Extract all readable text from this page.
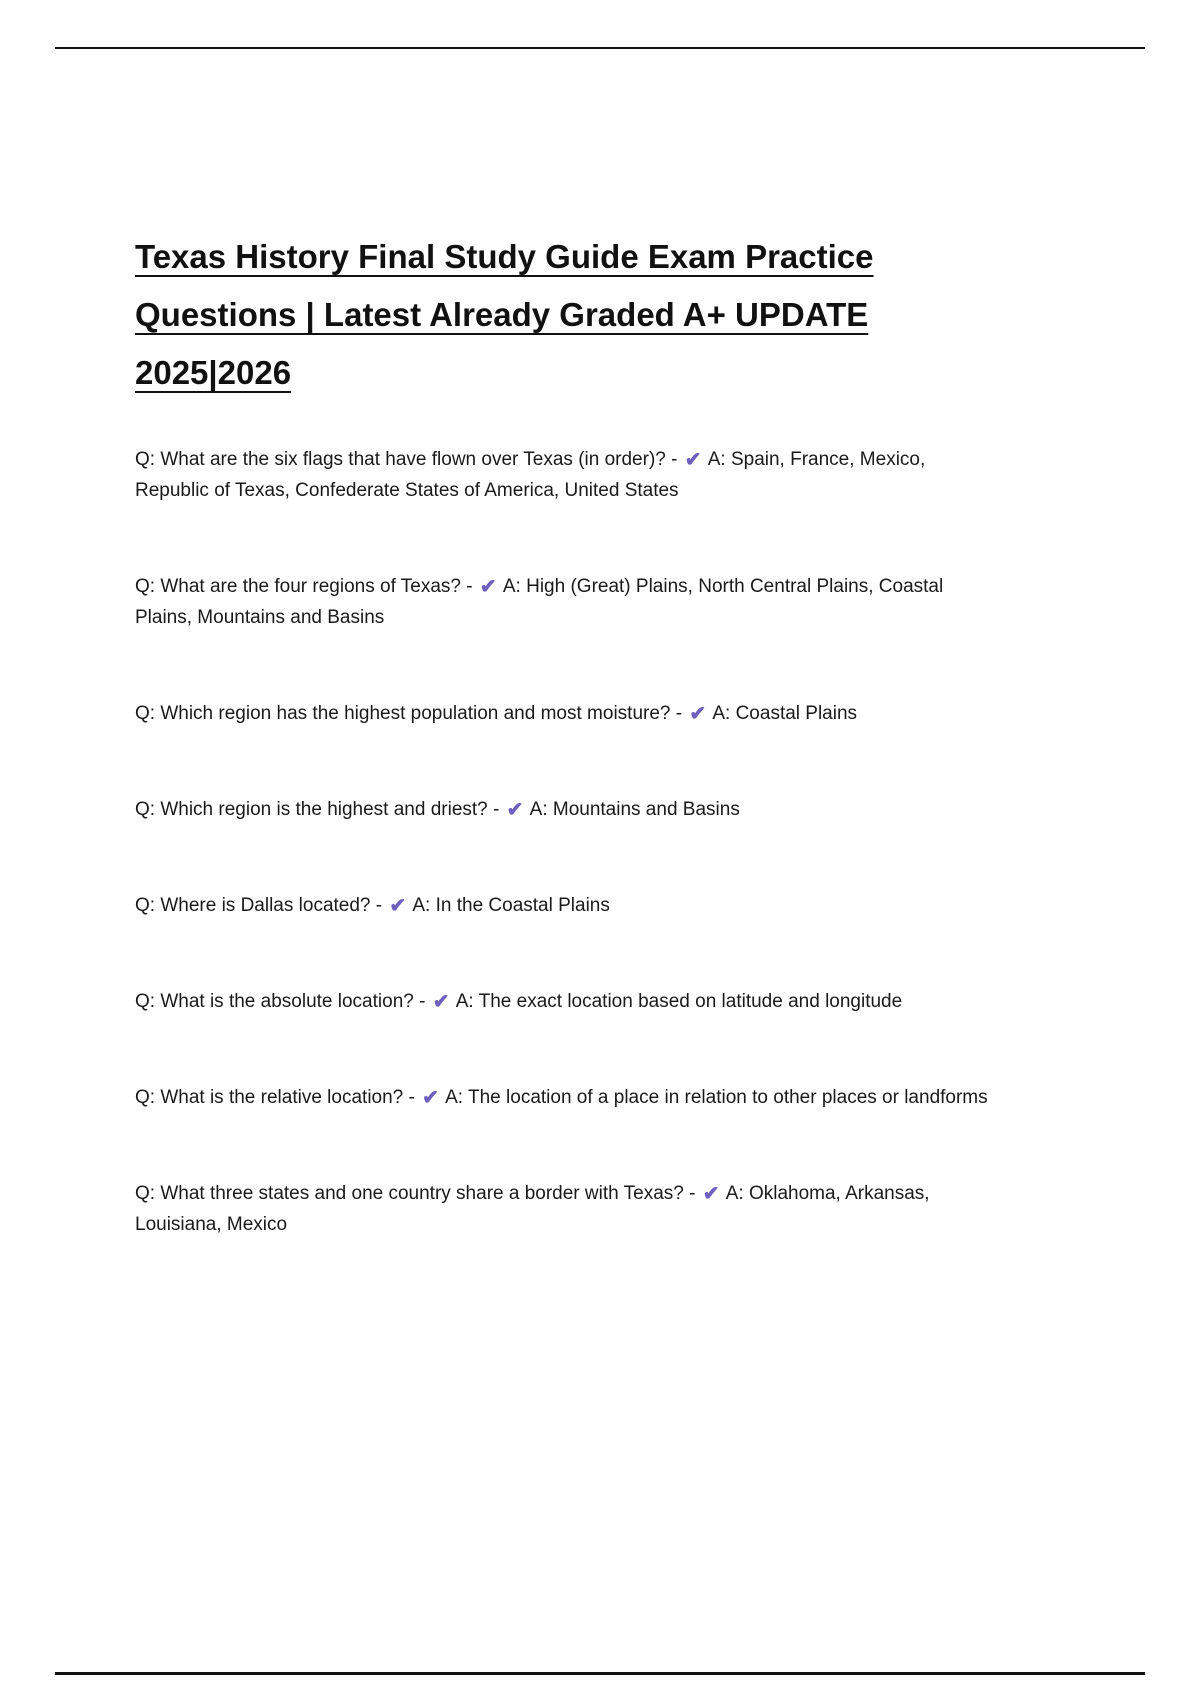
Texas History Final Study Guide Exam Practice
Questions | Latest Already Graded A+ UPDATE
2025|2026
Q: What are the six flags that have flown over Texas (in order)? - ✔ A: Spain, France, Mexico, Republic of Texas, Confederate States of America, United States
Q: What are the four regions of Texas? - ✔ A: High (Great) Plains, North Central Plains, Coastal Plains, Mountains and Basins
Q: Which region has the highest population and most moisture? - ✔ A: Coastal Plains
Q: Which region is the highest and driest? - ✔ A: Mountains and Basins
Q: Where is Dallas located? - ✔ A: In the Coastal Plains
Q: What is the absolute location? - ✔ A: The exact location based on latitude and longitude
Q: What is the relative location? - ✔ A: The location of a place in relation to other places or landforms
Q: What three states and one country share a border with Texas? - ✔ A: Oklahoma, Arkansas, Louisiana, Mexico
